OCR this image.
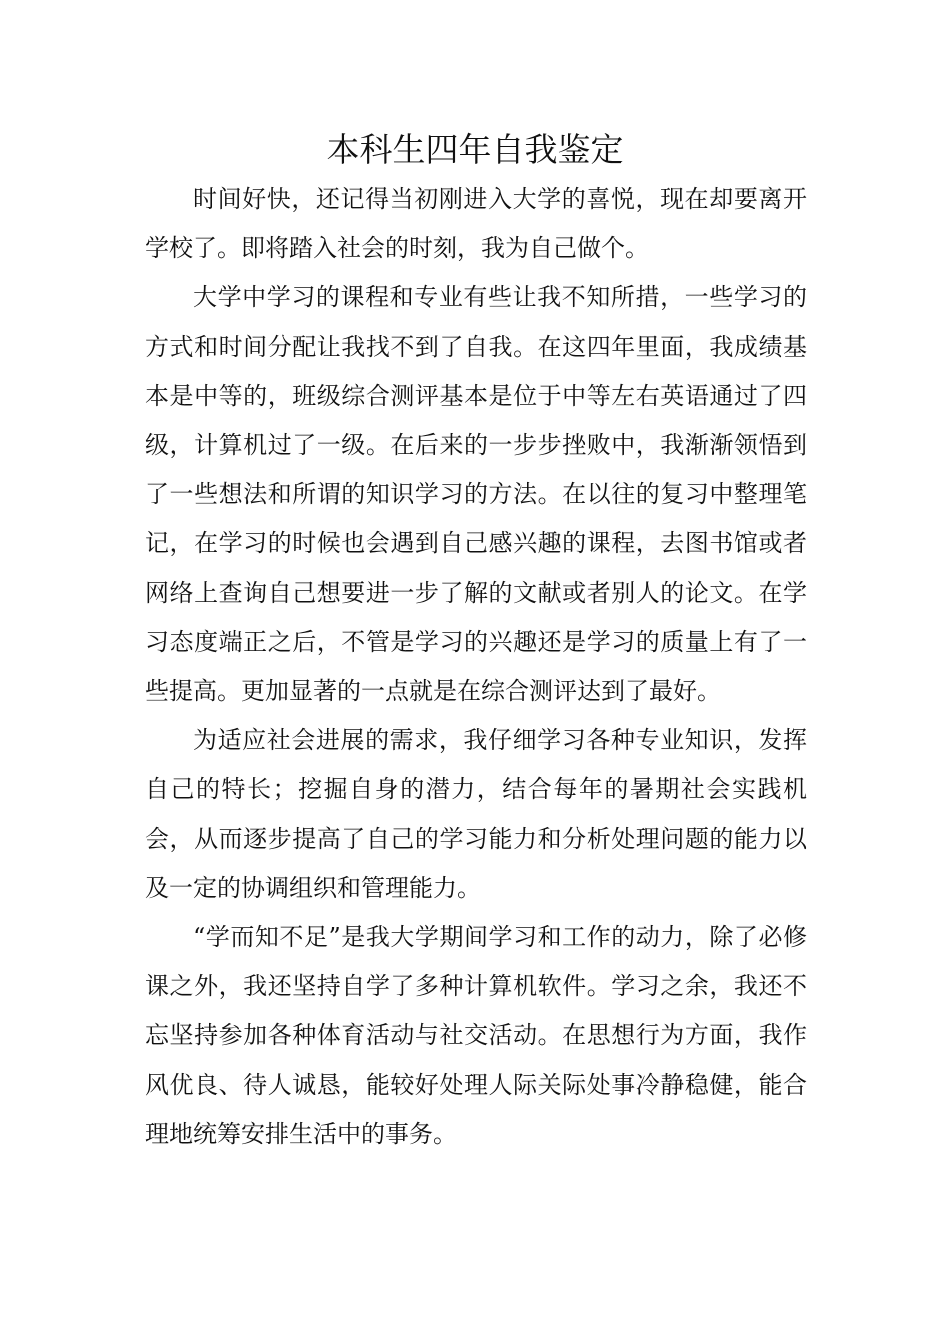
本科生四年自我鉴定

时间好快，还记得当初刚进入大学的喜悦，现在却要离开学校了。即将踏入社会的时刻，我为自己做个。

大学中学习的课程和专业有些让我不知所措，一些学习的方式和时间分配让我找不到了自我。在这四年里面，我成绩基本是中等的，班级综合测评基本是位于中等左右英语通过了四级，计算机过了一级。在后来的一步步挫败中，我渐渐领悟到了一些想法和所谓的知识学习的方法。在以往的复习中整理笔记，在学习的时候也会遇到自己感兴趣的课程，去图书馆或者网络上查询自己想要进一步了解的文献或者别人的论文。在学习态度端正之后，不管是学习的兴趣还是学习的质量上有了一些提高。更加显著的一点就是在综合测评达到了最好。

为适应社会进展的需求，我仔细学习各种专业知识，发挥自己的特长；挖掘自身的潜力，结合每年的暑期社会实践机会，从而逐步提高了自己的学习能力和分析处理问题的能力以及一定的协调组织和管理能力。

“学而知不足”是我大学期间学习和工作的动力，除了必修课之外，我还坚持自学了多种计算机软件。学习之余，我还不忘坚持参加各种体育活动与社交活动。在思想行为方面，我作风优良、待人诚恳，能较好处理人际关际处事冷静稳健，能合理地统筹安排生活中的事务。
